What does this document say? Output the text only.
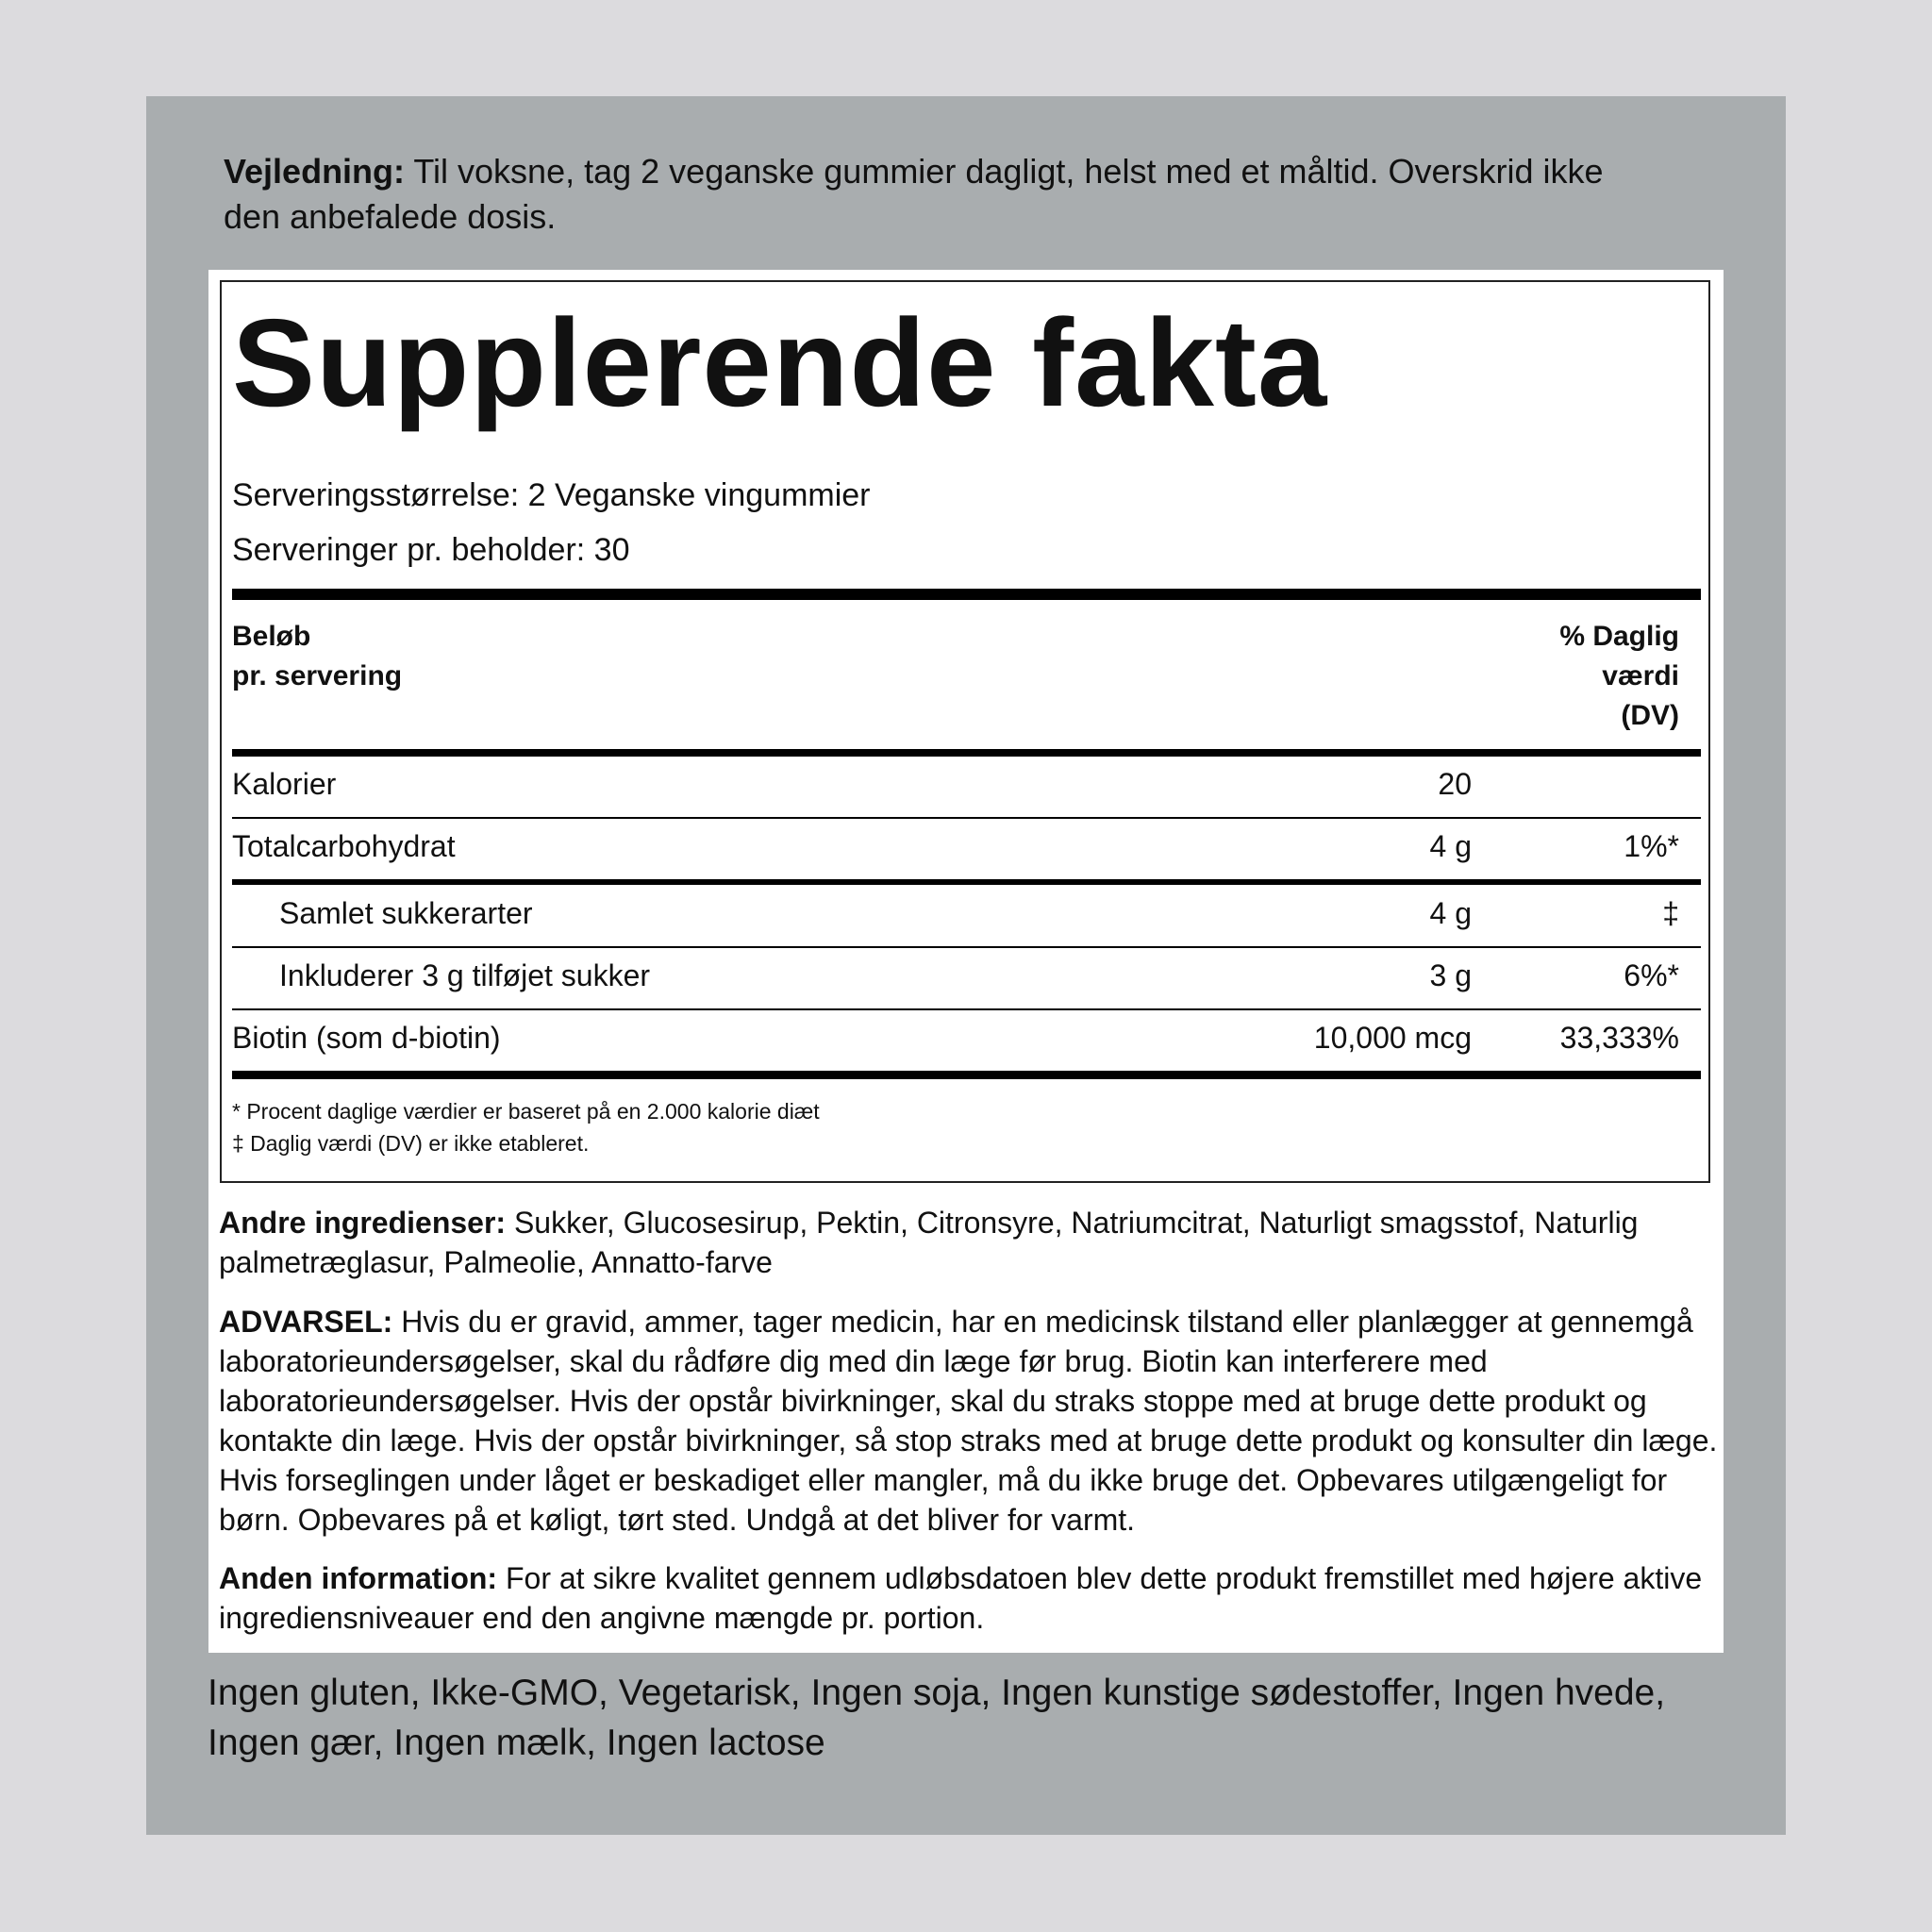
Vejledning: Til voksne, tag 2 veganske gummier dagligt, helst med et måltid. Overskrid ikke den anbefalede dosis.
Supplerende fakta
Serveringsstørrelse: 2 Veganske vingummier
Serveringer pr. beholder: 30
Beløb
pr. servering
% Daglig
værdi
(DV)
Kalorier	20
Totalcarbohydrat	4 g	1%*
Samlet sukkerarter	4 g	‡
Inkluderer 3 g tilføjet sukker	3 g	6%*
Biotin (som d-biotin)	10,000 mcg	33,333%
* Procent daglige værdier er baseret på en 2.000 kalorie diæt
‡ Daglig værdi (DV) er ikke etableret.
Andre ingredienser: Sukker, Glucosesirup, Pektin, Citronsyre, Natriumcitrat, Naturligt smagsstof, Naturlig palmetræglasur, Palmeolie, Annatto-farve
ADVARSEL: Hvis du er gravid, ammer, tager medicin, har en medicinsk tilstand eller planlægger at gennemgå laboratorieundersøgelser, skal du rådføre dig med din læge før brug. Biotin kan interferere med laboratorieundersøgelser. Hvis der opstår bivirkninger, skal du straks stoppe med at bruge dette produkt og kontakte din læge. Hvis der opstår bivirkninger, så stop straks med at bruge dette produkt og konsulter din læge. Hvis forseglingen under låget er beskadiget eller mangler, må du ikke bruge det. Opbevares utilgængeligt for børn. Opbevares på et køligt, tørt sted. Undgå at det bliver for varmt.
Anden information: For at sikre kvalitet gennem udløbsdatoen blev dette produkt fremstillet med højere aktive ingrediensniveauer end den angivne mængde pr. portion.
Ingen gluten, Ikke-GMO, Vegetarisk, Ingen soja, Ingen kunstige sødestoffer, Ingen hvede, Ingen gær, Ingen mælk, Ingen lactose
